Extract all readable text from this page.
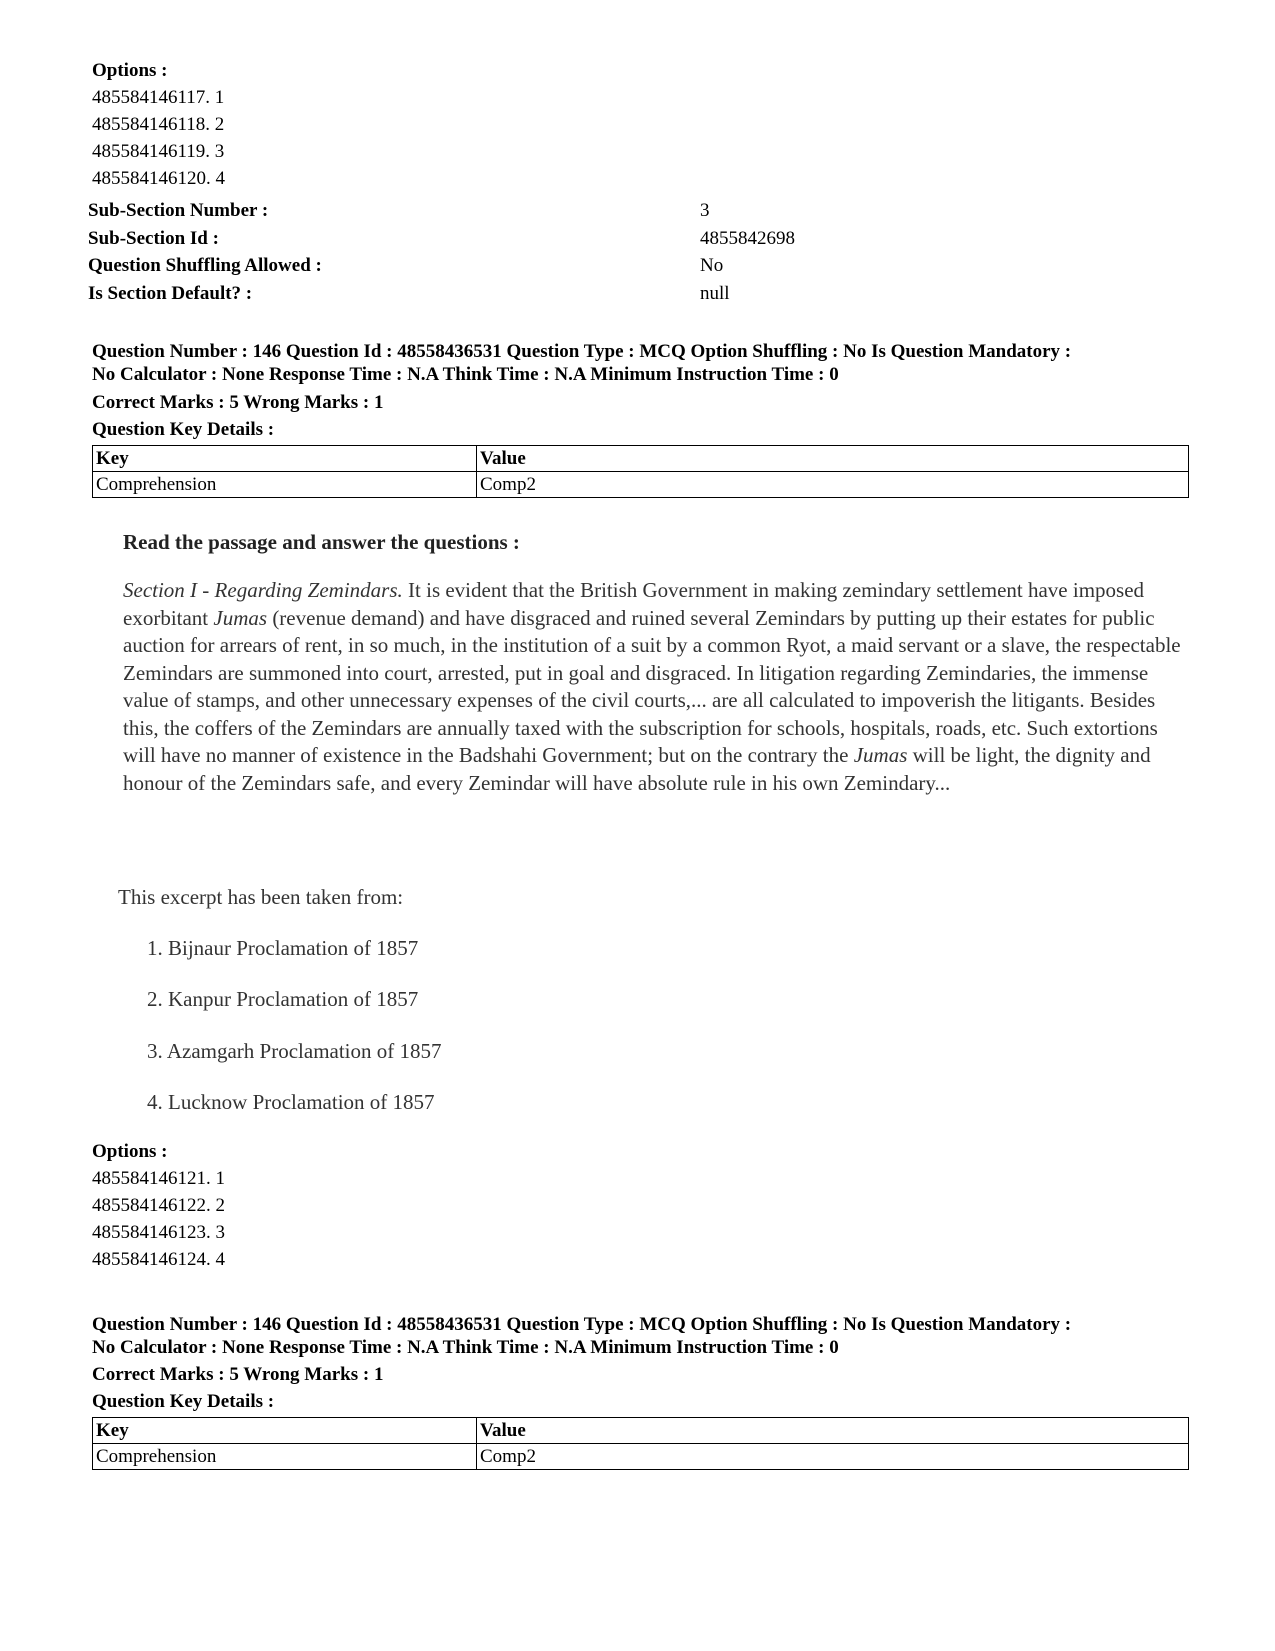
Options :
485584146117. 1
485584146118. 2
485584146119. 3
485584146120. 4
Sub-Section Number :	3
Sub-Section Id :	4855842698
Question Shuffling Allowed :	No
Is Section Default? :	null
Question Number : 146 Question Id : 48558436531 Question Type : MCQ Option Shuffling : No Is Question Mandatory :
No Calculator : None Response Time : N.A Think Time : N.A Minimum Instruction Time : 0
Correct Marks : 5 Wrong Marks : 1
Question Key Details :
Key	Value
Comprehension	Comp2
Read the passage and answer the questions :
Section I - Regarding Zemindars. It is evident that the British Government in making zemindary settlement have imposed exorbitant Jumas (revenue demand) and have disgraced and ruined several Zemindars by putting up their estates for public auction for arrears of rent, in so much, in the institution of a suit by a common Ryot, a maid servant or a slave, the respectable Zemindars are summoned into court, arrested, put in goal and disgraced. In litigation regarding Zemindaries, the immense value of stamps, and other unnecessary expenses of the civil courts,... are all calculated to impoverish the litigants. Besides this, the coffers of the Zemindars are annually taxed with the subscription for schools, hospitals, roads, etc. Such extortions will have no manner of existence in the Badshahi Government; but on the contrary the Jumas will be light, the dignity and honour of the Zemindars safe, and every Zemindar will have absolute rule in his own Zemindary...
This excerpt has been taken from:
1. Bijnaur Proclamation of 1857
2. Kanpur Proclamation of 1857
3. Azamgarh Proclamation of 1857
4. Lucknow Proclamation of 1857
Options :
485584146121. 1
485584146122. 2
485584146123. 3
485584146124. 4
Question Number : 146 Question Id : 48558436531 Question Type : MCQ Option Shuffling : No Is Question Mandatory :
No Calculator : None Response Time : N.A Think Time : N.A Minimum Instruction Time : 0
Correct Marks : 5 Wrong Marks : 1
Question Key Details :
Key	Value
Comprehension	Comp2
